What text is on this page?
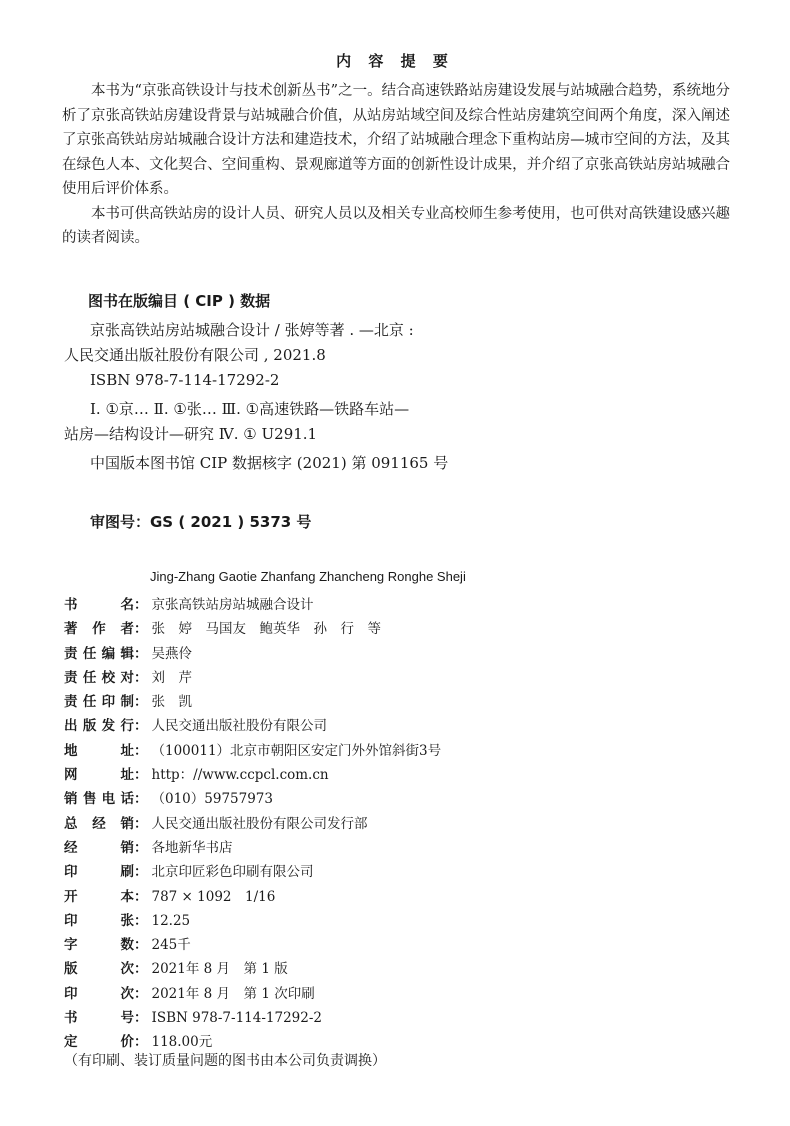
内 容 提 要

本书为“京张高铁设计与技术创新丛书”之一。结合高速铁路站房建设发展与站城融合趋势，系统地分析了京张高铁站房建设背景与站城融合价值，从站房站域空间及综合性站房建筑空间两个角度，深入阐述了京张高铁站房站城融合设计方法和建造技术，介绍了站城融合理念下重构站房—城市空间的方法，及其在绿色人本、文化契合、空间重构、景观廊道等方面的创新性设计成果，并介绍了京张高铁站房站城融合使用后评价体系。

本书可供高铁站房的设计人员、研究人员以及相关专业高校师生参考使用，也可供对高铁建设感兴趣的读者阅读。

图书在版编目 ( CIP ) 数据
京张高铁站房站城融合设计 / 张婷等著 . —北京 :
人民交通出版社股份有限公司 , 2021.8
ISBN 978-7-114-17292-2
Ⅰ. ①京… Ⅱ. ①张… Ⅲ. ①高速铁路—铁路车站—
站房—结构设计—研究 Ⅳ. ① U291.1
中国版本图书馆 CIP 数据核字 (2021) 第 091165 号
审图号：GS ( 2021 ) 5373 号
Jing-Zhang Gaotie Zhanfang Zhancheng Ronghe Sheji
书	名 ： 京张高铁站房站城融合设计
著 作 者 ： 张　婷　马国友　鲍英华　孙　行　等
责 任 编 辑 ： 吴燕伶
责 任 校 对 ： 刘　芹
责 任 印 制 ： 张　凯
出 版 发 行 ： 人民交通出版社股份有限公司
地	址 ： （100011）北京市朝阳区安定门外外馆斜街3号
网	址 ： http：//www.ccpcl.com.cn
销 售 电 话 ： （010）59757973
总 经 销 ： 人民交通出版社股份有限公司发行部
经	销 ： 各地新华书店
印	刷 ： 北京印匠彩色印刷有限公司
开	本 ： 787 × 1092　1/16
印	张 ： 12.25
字	数 ： 245千
版	次 ： 2021年 8 月　第 1 版
印	次 ： 2021年 8 月　第 1 次印刷
书	号 ： ISBN 978-7-114-17292-2
定	价 ： 118.00元
（有印刷、装订质量问题的图书由本公司负责调换）
